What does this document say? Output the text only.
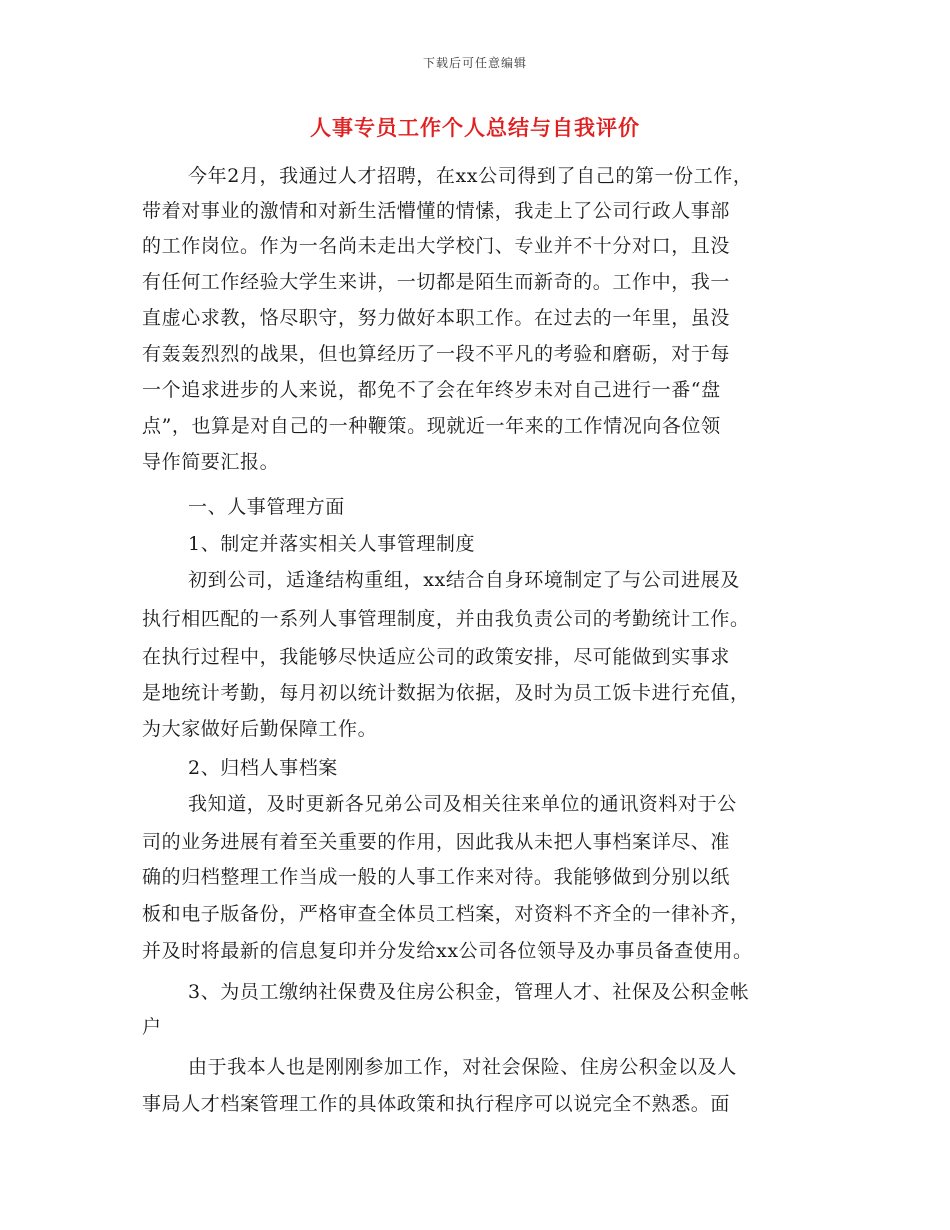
下载后可任意编辑
人事专员工作个人总结与自我评价
今年2月，我通过人才招聘，在xx公司得到了自己的第一份工作，
带着对事业的激情和对新生活懵懂的情愫，我走上了公司行政人事部
的工作岗位。作为一名尚未走出大学校门、专业并不十分对口，且没
有任何工作经验大学生来讲，一切都是陌生而新奇的。工作中，我一
直虚心求教，恪尽职守，努力做好本职工作。在过去的一年里，虽没
有轰轰烈烈的战果，但也算经历了一段不平凡的考验和磨砺，对于每
一个追求进步的人来说，都免不了会在年终岁未对自己进行一番“盘
点”，也算是对自己的一种鞭策。现就近一年来的工作情况向各位领
导作简要汇报。
一、人事管理方面
1、制定并落实相关人事管理制度
初到公司，适逢结构重组，xx结合自身环境制定了与公司进展及
执行相匹配的一系列人事管理制度，并由我负责公司的考勤统计工作。
在执行过程中，我能够尽快适应公司的政策安排，尽可能做到实事求
是地统计考勤，每月初以统计数据为依据，及时为员工饭卡进行充值，
为大家做好后勤保障工作。
2、归档人事档案
我知道，及时更新各兄弟公司及相关往来单位的通讯资料对于公
司的业务进展有着至关重要的作用，因此我从未把人事档案详尽、准
确的归档整理工作当成一般的人事工作来对待。我能够做到分别以纸
板和电子版备份，严格审查全体员工档案，对资料不齐全的一律补齐，
并及时将最新的信息复印并分发给xx公司各位领导及办事员备查使用。
3、为员工缴纳社保费及住房公积金，管理人才、社保及公积金帐
户
由于我本人也是刚刚参加工作，对社会保险、住房公积金以及人
事局人才档案管理工作的具体政策和执行程序可以说完全不熟悉。面
